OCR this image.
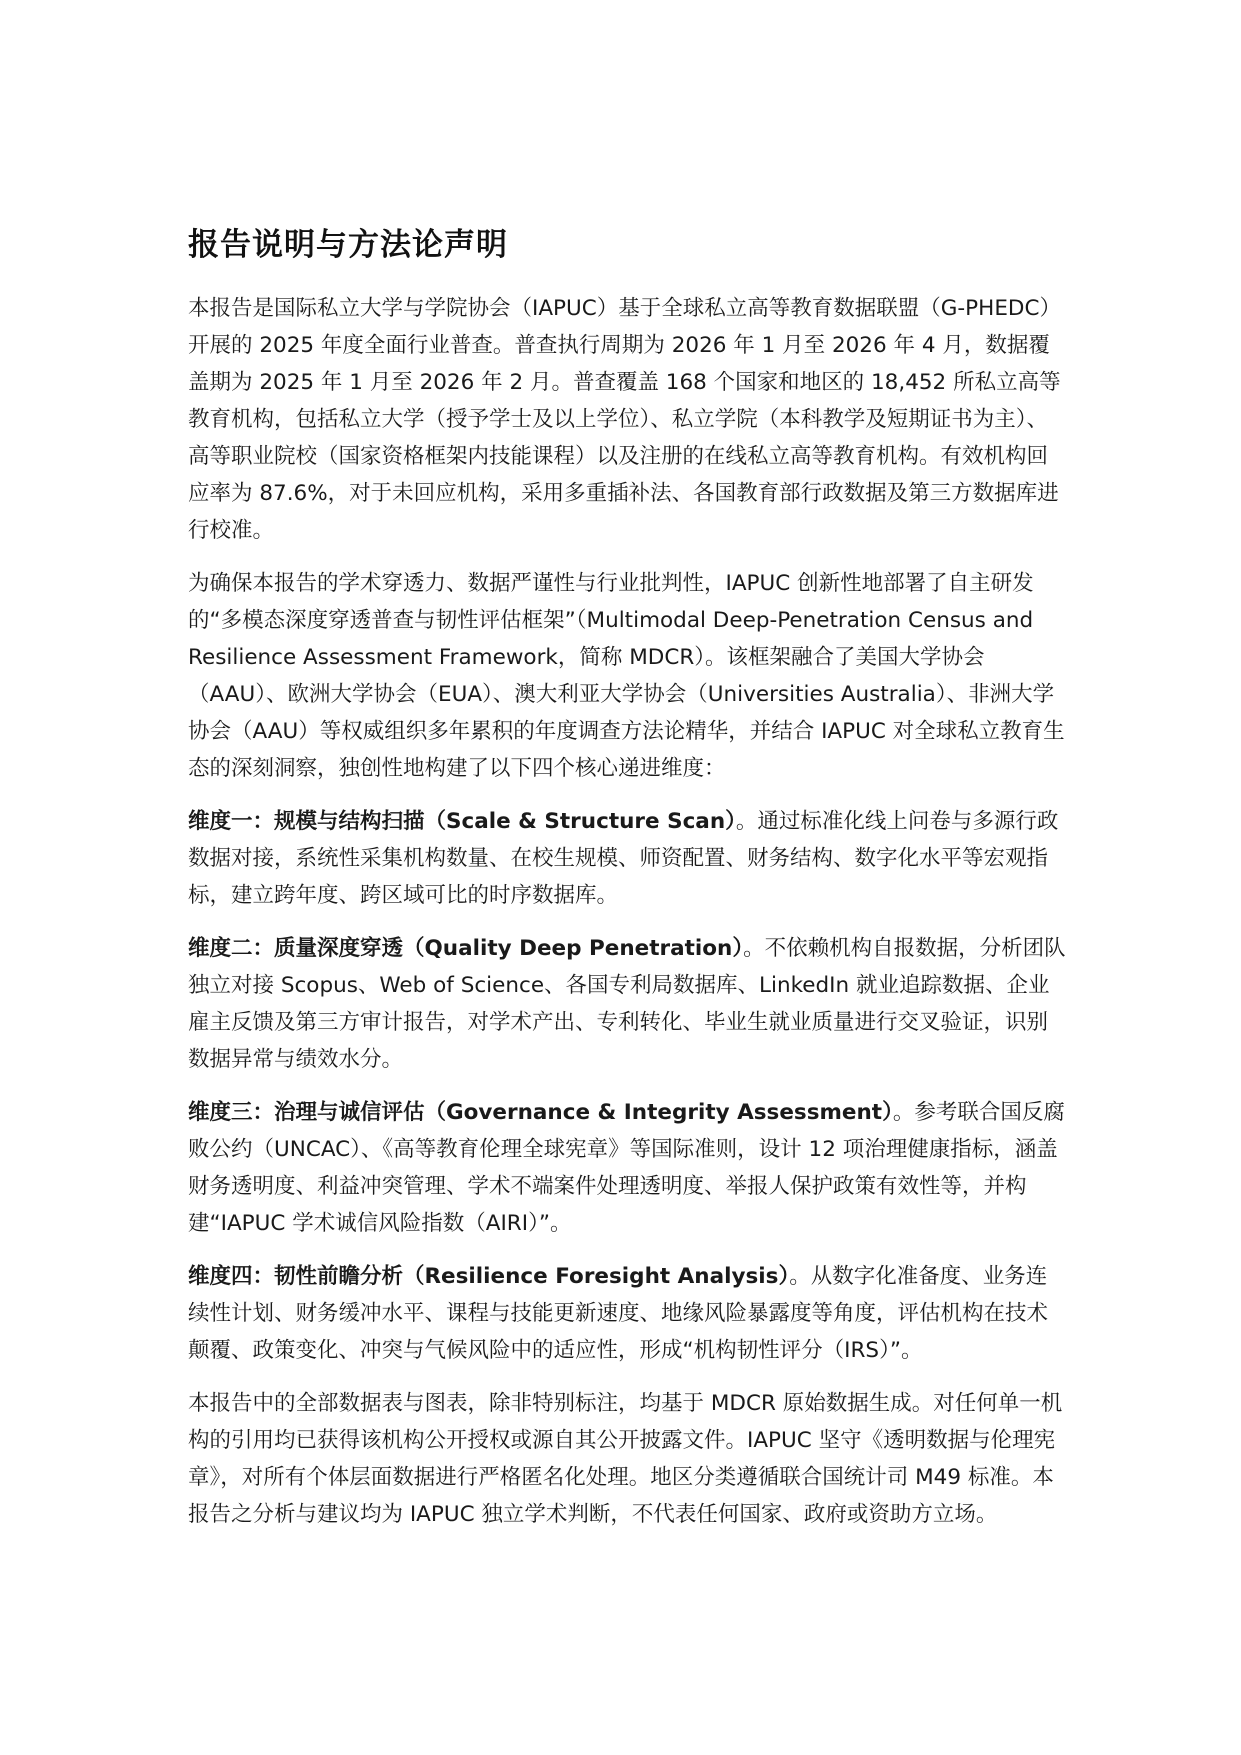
报告说明与方法论声明

本报告是国际私立大学与学院协会（IAPUC）基于全球私立高等教育数据联盟（G-PHEDC）开展的 2025 年度全面行业普查。普查执行周期为 2026 年 1 月至 2026 年 4 月，数据覆盖期为 2025 年 1 月至 2026 年 2 月。普查覆盖 168 个国家和地区的 18,452 所私立高等教育机构，包括私立大学（授予学士及以上学位）、私立学院（本科教学及短期证书为主）、高等职业院校（国家资格框架内技能课程）以及注册的在线私立高等教育机构。有效机构回应率为 87.6%，对于未回应机构，采用多重插补法、各国教育部行政数据及第三方数据库进行校准。

为确保本报告的学术穿透力、数据严谨性与行业批判性，IAPUC 创新性地部署了自主研发的“多模态深度穿透普查与韧性评估框架”（Multimodal Deep-Penetration Census and Resilience Assessment Framework，简称 MDCR）。该框架融合了美国大学协会（AAU）、欧洲大学协会（EUA）、澳大利亚大学协会（Universities Australia）、非洲大学协会（AAU）等权威组织多年累积的年度调查方法论精华，并结合 IAPUC 对全球私立教育生态的深刻洞察，独创性地构建了以下四个核心递进维度：

维度一：规模与结构扫描（Scale & Structure Scan）。通过标准化线上问卷与多源行政数据对接，系统性采集机构数量、在校生规模、师资配置、财务结构、数字化水平等宏观指标，建立跨年度、跨区域可比的时序数据库。

维度二：质量深度穿透（Quality Deep Penetration）。不依赖机构自报数据，分析团队独立对接 Scopus、Web of Science、各国专利局数据库、LinkedIn 就业追踪数据、企业雇主反馈及第三方审计报告，对学术产出、专利转化、毕业生就业质量进行交叉验证，识别数据异常与绩效水分。

维度三：治理与诚信评估（Governance & Integrity Assessment）。参考联合国反腐败公约（UNCAC）、《高等教育伦理全球宪章》等国际准则，设计 12 项治理健康指标，涵盖财务透明度、利益冲突管理、学术不端案件处理透明度、举报人保护政策有效性等，并构建“IAPUC 学术诚信风险指数（AIRI）”。

维度四：韧性前瞻分析（Resilience Foresight Analysis）。从数字化准备度、业务连续性计划、财务缓冲水平、课程与技能更新速度、地缘风险暴露度等角度，评估机构在技术颠覆、政策变化、冲突与气候风险中的适应性，形成“机构韧性评分（IRS）”。

本报告中的全部数据表与图表，除非特别标注，均基于 MDCR 原始数据生成。对任何单一机构的引用均已获得该机构公开授权或源自其公开披露文件。IAPUC 坚守《透明数据与伦理宪章》，对所有个体层面数据进行严格匿名化处理。地区分类遵循联合国统计司 M49 标准。本报告之分析与建议均为 IAPUC 独立学术判断，不代表任何国家、政府或资助方立场。
